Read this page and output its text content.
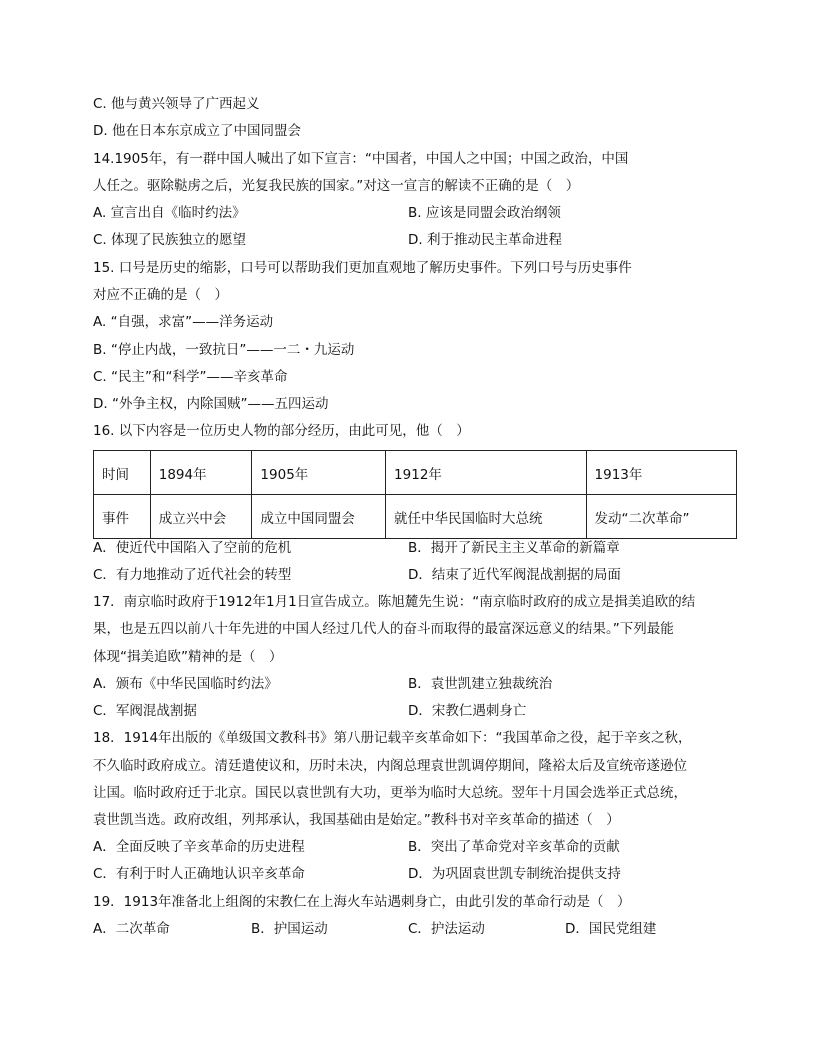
C. 他与黄兴领导了广西起义
D. 他在日本东京成立了中国同盟会
14.1905年，有一群中国人喊出了如下宣言：“中国者，中国人之中国；中国之政治，中国
人任之。驱除鞑虏之后，光复我民族的国家。”对这一宣言的解读不正确的是（　）
A. 宣言出自《临时约法》	B. 应该是同盟会政治纲领
C. 体现了民族独立的愿望	D. 利于推动民主革命进程
15. 口号是历史的缩影，口号可以帮助我们更加直观地了解历史事件。下列口号与历史事件
对应不正确的是（　）
A. “自强，求富”——洋务运动
B. “停止内战，一致抗日”——一二・九运动
C. “民主”和“科学”——辛亥革命
D. “外争主权，内除国贼”——五四运动
16. 以下内容是一位历史人物的部分经历，由此可见，他（　）
时间	1894年	1905年	1912年	1913年
事件	成立兴中会	成立中国同盟会	就任中华民国临时大总统	发动“二次革命”
A．使近代中国陷入了空前的危机	B．揭开了新民主主义革命的新篇章
C．有力地推动了近代社会的转型	D．结束了近代军阀混战割据的局面
17．南京临时政府于1912年1月1日宣告成立。陈旭麓先生说：“南京临时政府的成立是揖美追欧的结
果，也是五四以前八十年先进的中国人经过几代人的奋斗而取得的最富深远意义的结果。”下列最能
体现“揖美追欧”精神的是（　）
A．颁布《中华民国临时约法》	B．袁世凯建立独裁统治
C．军阀混战割据	D．宋教仁遇刺身亡
18．1914年出版的《单级国文教科书》第八册记载辛亥革命如下：“我国革命之役，起于辛亥之秋，
不久临时政府成立。清廷遣使议和，历时未决，内阁总理袁世凯调停期间，隆裕太后及宣统帝遂逊位
让国。临时政府迁于北京。国民以袁世凯有大功，更举为临时大总统。翌年十月国会选举正式总统，
袁世凯当选。政府改组，列邦承认，我国基础由是始定。”教科书对辛亥革命的描述（　）
A．全面反映了辛亥革命的历史进程	B．突出了革命党对辛亥革命的贡献
C．有利于时人正确地认识辛亥革命	D．为巩固袁世凯专制统治提供支持
19．1913年准备北上组阁的宋教仁在上海火车站遇刺身亡，由此引发的革命行动是（　）
A．二次革命	B．护国运动	C．护法运动	D．国民党组建
